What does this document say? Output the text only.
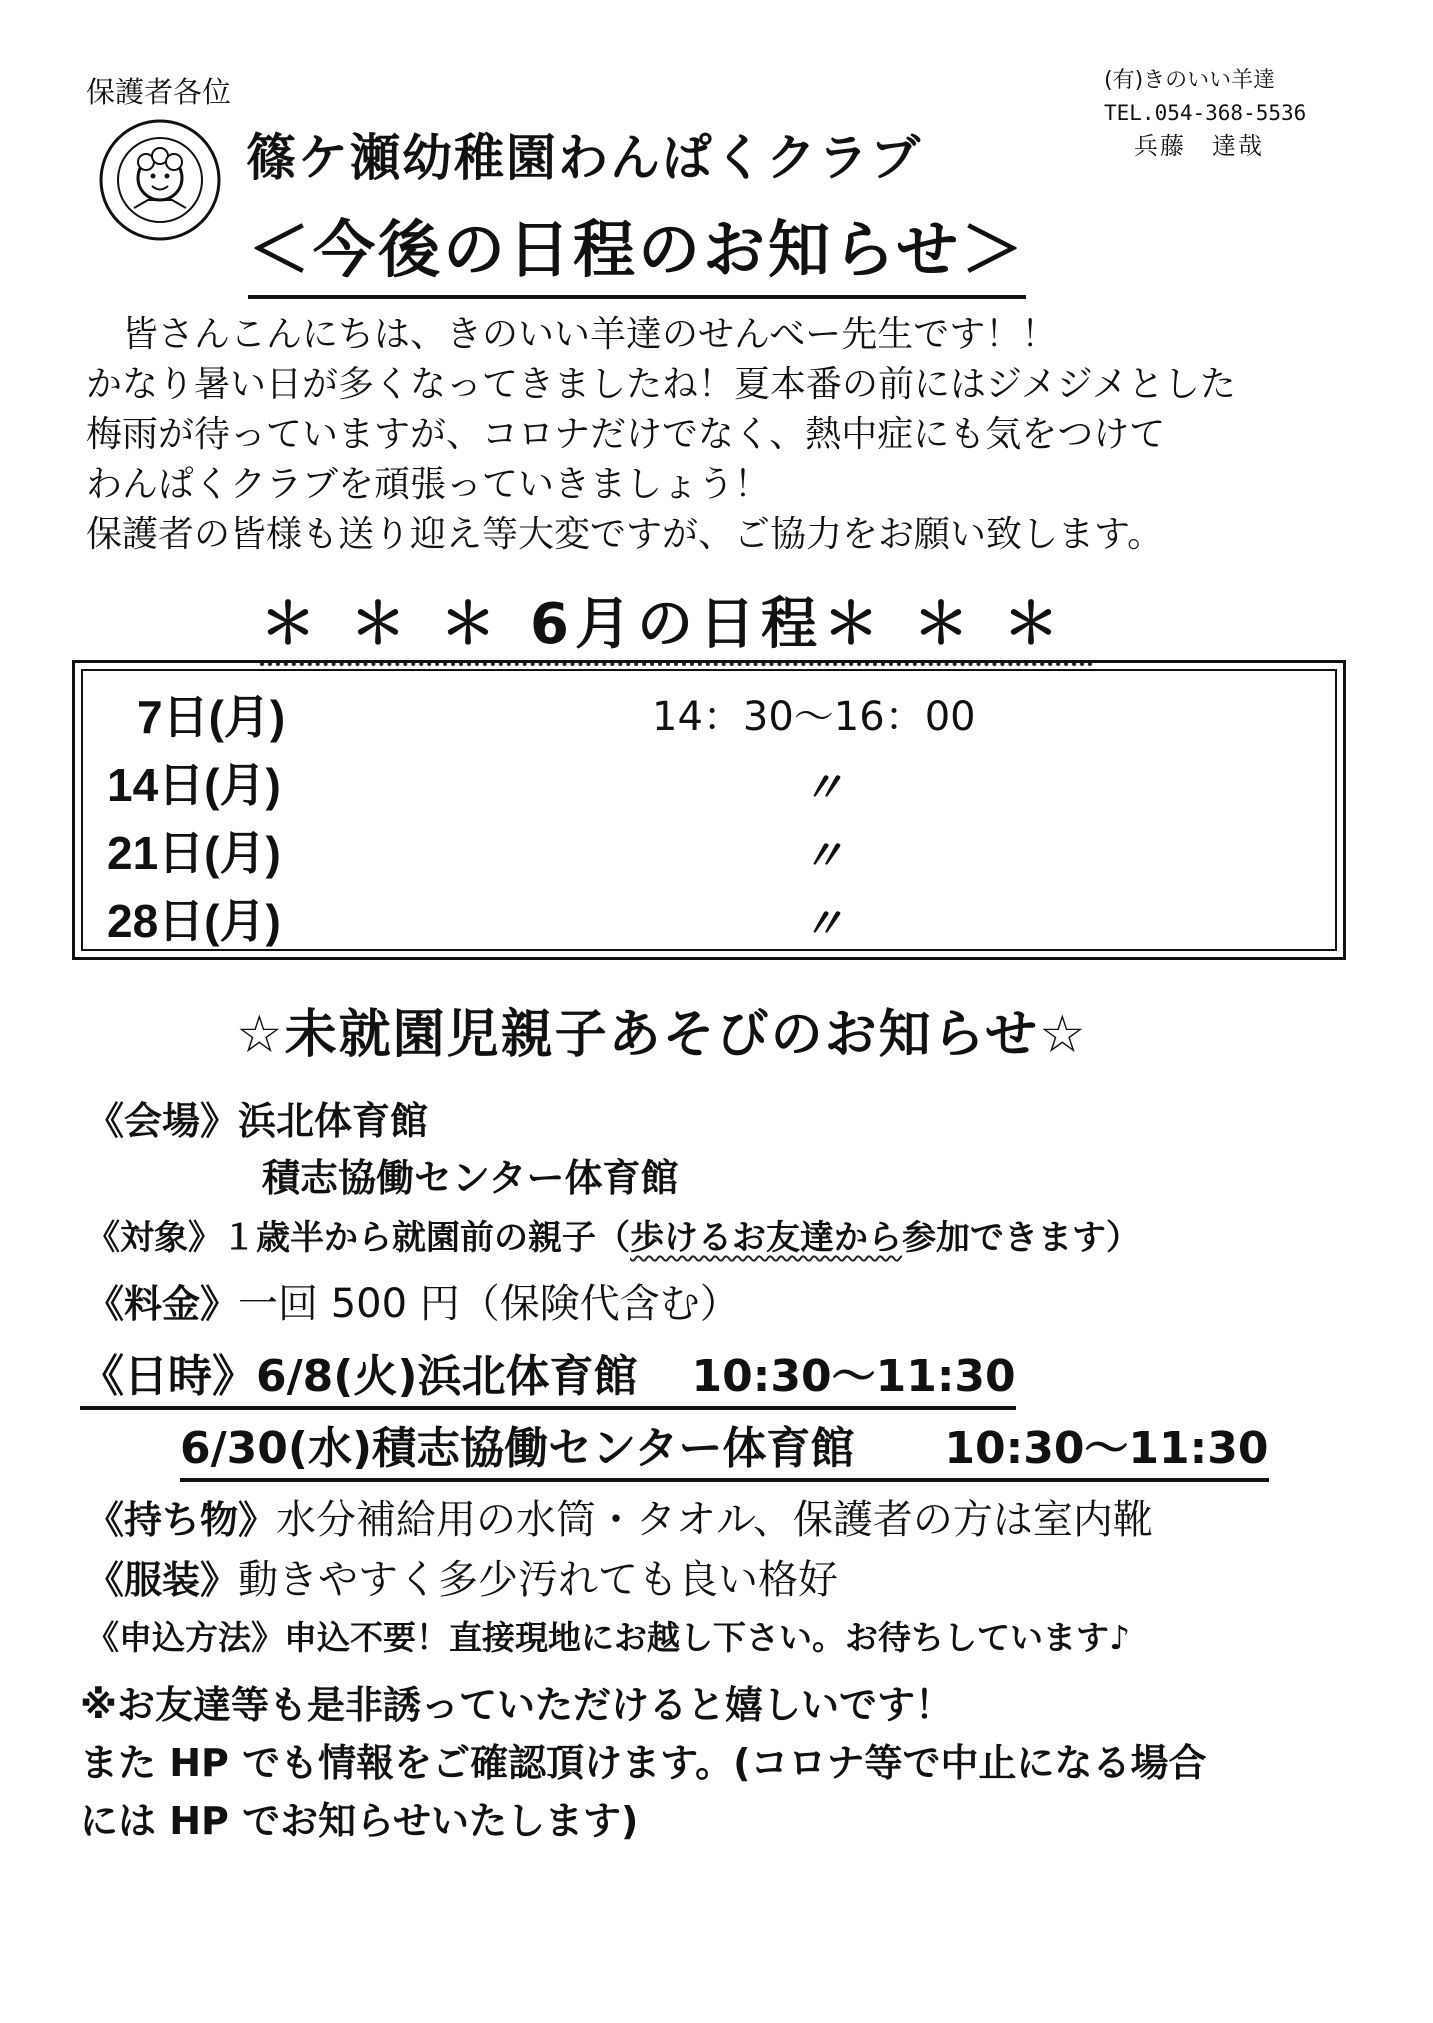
保護者各位	(有)きのいい羊達
TEL.054-368-5536
兵藤　達哉
篠ケ瀬幼稚園わんぱくクラブ
＜今後の日程のお知らせ＞
皆さんこんにちは、きのいい羊達のせんべー先生です！！
かなり暑い日が多くなってきましたね！夏本番の前にはジメジメとした
梅雨が待っていますが、コロナだけでなく、熱中症にも気をつけて
わんぱくクラブを頑張っていきましょう！
保護者の皆様も送り迎え等大変ですが、ご協力をお願い致します。
＊＊＊6月の日程＊＊＊
7日(月)	14：30～16：00
14日(月)	〃
21日(月)	〃
28日(月)	〃
☆未就園児親子あそびのお知らせ☆
《会場》浜北体育館
積志協働センター体育館
《対象》１歳半から就園前の親子（歩けるお友達から参加できます）
《料金》一回 500 円（保険代含む）
《日時》6/8(火)浜北体育館 10:30～11:30
6/30(水)積志協働センター体育館 10:30～11:30
《持ち物》水分補給用の水筒・タオル、保護者の方は室内靴
《服装》動きやすく多少汚れても良い格好
《申込方法》申込不要！直接現地にお越し下さい。お待ちしています♪
※お友達等も是非誘っていただけると嬉しいです！
また HP でも情報をご確認頂けます。(コロナ等で中止になる場合
には HP でお知らせいたします)
